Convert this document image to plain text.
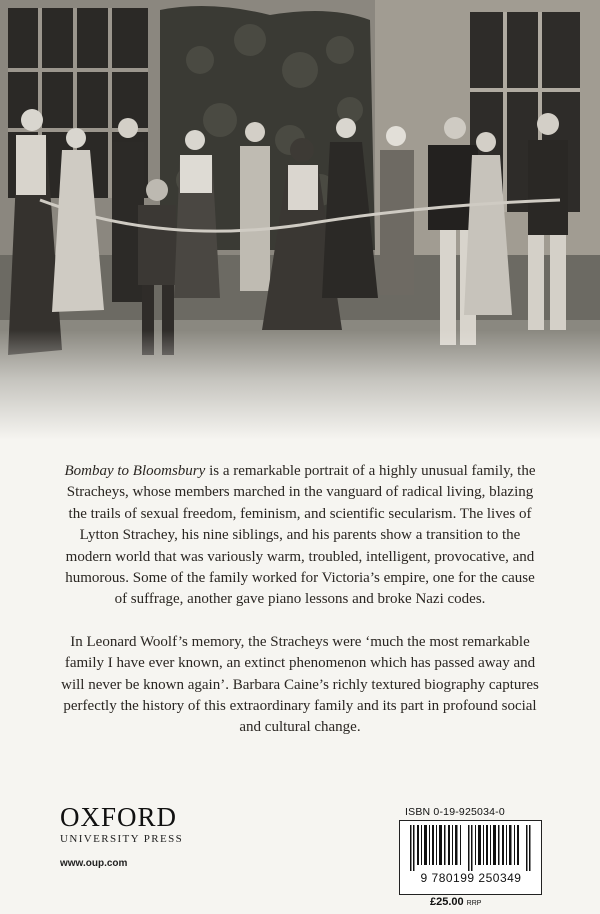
Bombay to Bloomsbury is a remarkable portrait of a highly unusual family, the Stracheys, whose members marched in the vanguard of radical living, blazing the trails of sexual freedom, feminism, and scientific secularism. The lives of Lytton Strachey, his nine siblings, and his parents show a transition to the modern world that was variously warm, troubled, intelligent, provocative, and humorous. Some of the family worked for Victoria’s empire, one for the cause of suffrage, another gave piano lessons and broke Nazi codes.

In Leonard Woolf’s memory, the Stracheys were ‘much the most remarkable family I have ever known, an extinct phenomenon which has passed away and will never be known again’. Barbara Caine’s richly textured biography captures perfectly the history of this extraordinary family and its part in profound social and cultural change.

OXFORD
UNIVERSITY PRESS
www.oup.com
ISBN 0-19-925034-0
9 780199 250349
£25.00 RRP
